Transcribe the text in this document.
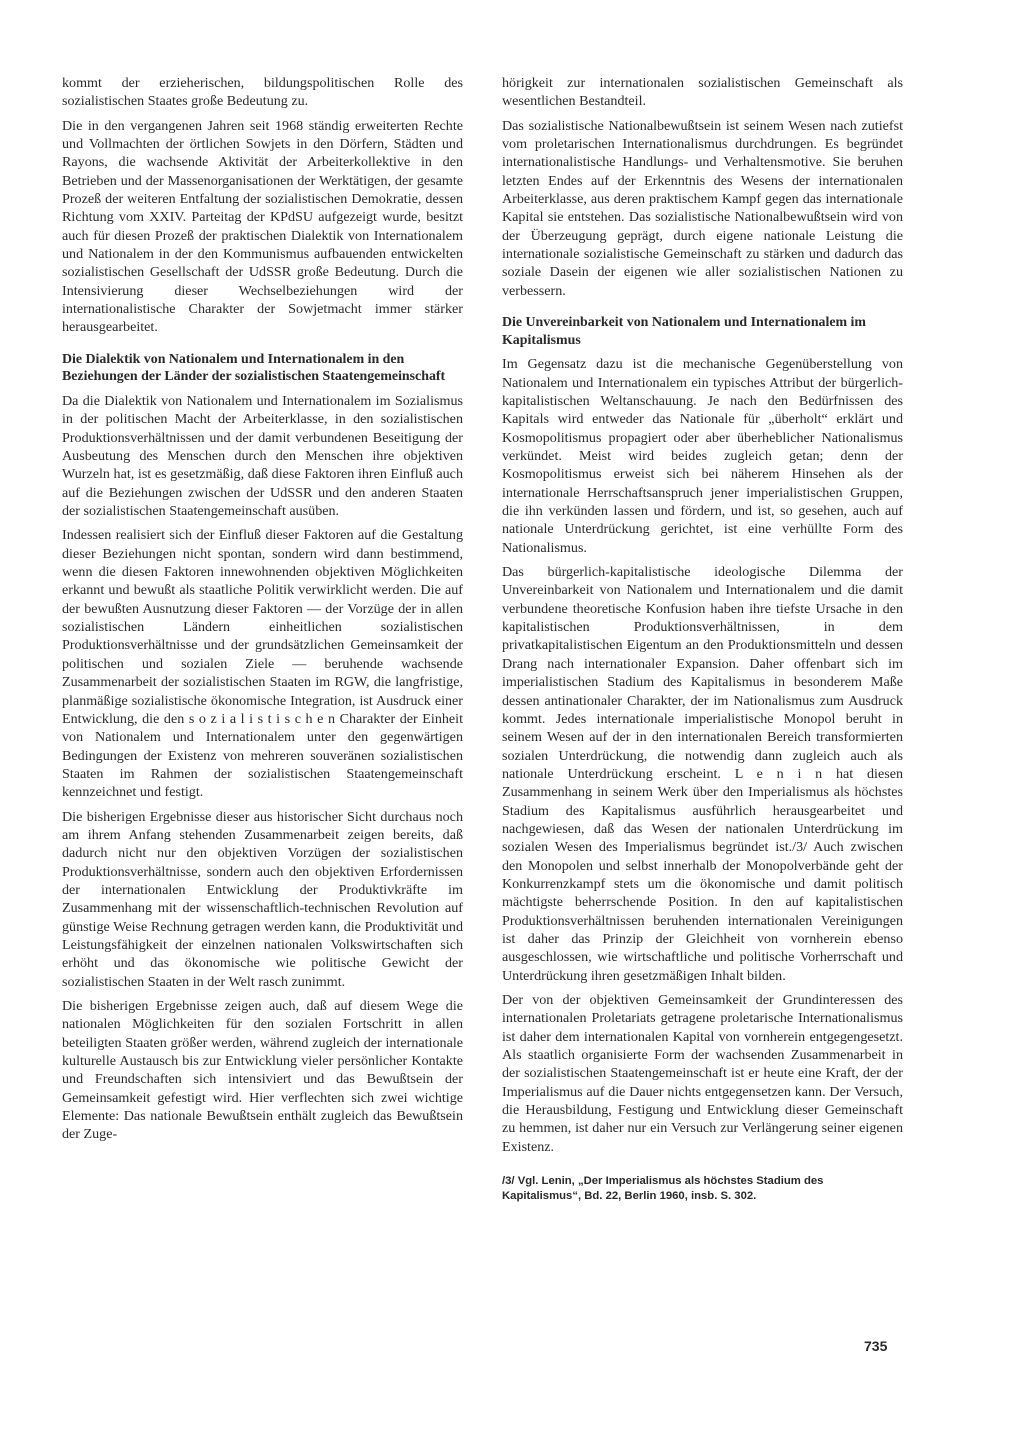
kommt der erzieherischen, bildungspolitischen Rolle des sozialistischen Staates große Bedeutung zu.

Die in den vergangenen Jahren seit 1968 ständig erweiterten Rechte und Vollmachten der örtlichen Sowjets in den Dörfern, Städten und Rayons, die wachsende Aktivität der Arbeiterkollektive in den Betrieben und der Massenorganisationen der Werktätigen, der gesamte Prozeß der weiteren Entfaltung der sozialistischen Demokratie, dessen Richtung vom XXIV. Parteitag der KPdSU aufgezeigt wurde, besitzt auch für diesen Prozeß der praktischen Dialektik von Internationalem und Nationalem in der den Kommunismus aufbauenden entwickelten sozialistischen Gesellschaft der UdSSR große Bedeutung. Durch die Intensivierung dieser Wechselbeziehungen wird der internationalistische Charakter der Sowjetmacht immer stärker herausgearbeitet.

Die Dialektik von Nationalem und Internationalem in den Beziehungen der Länder der sozialistischen Staatengemeinschaft

Da die Dialektik von Nationalem und Internationalem im Sozialismus in der politischen Macht der Arbeiterklasse, in den sozialistischen Produktionsverhältnissen und der damit verbundenen Beseitigung der Ausbeutung des Menschen durch den Menschen ihre objektiven Wurzeln hat, ist es gesetzmäßig, daß diese Faktoren ihren Einfluß auch auf die Beziehungen zwischen der UdSSR und den anderen Staaten der sozialistischen Staatengemeinschaft ausüben.

Indessen realisiert sich der Einfluß dieser Faktoren auf die Gestaltung dieser Beziehungen nicht spontan, sondern wird dann bestimmend, wenn die diesen Faktoren innewohnenden objektiven Möglichkeiten erkannt und bewußt als staatliche Politik verwirklicht werden. Die auf der bewußten Ausnutzung dieser Faktoren — der Vorzüge der in allen sozialistischen Ländern einheitlichen sozialistischen Produktionsverhältnisse und der grundsätzlichen Gemeinsamkeit der politischen und sozialen Ziele — beruhende wachsende Zusammenarbeit der sozialistischen Staaten im RGW, die langfristige, planmäßige sozialistische ökonomische Integration, ist Ausdruck einer Entwicklung, die den s o z i a l i s t i s c h e n Charakter der Einheit von Nationalem und Internationalem unter den gegenwärtigen Bedingungen der Existenz von mehreren souveränen sozialistischen Staaten im Rahmen der sozialistischen Staatengemeinschaft kennzeichnet und festigt.

Die bisherigen Ergebnisse dieser aus historischer Sicht durchaus noch am ihrem Anfang stehenden Zusammenarbeit zeigen bereits, daß dadurch nicht nur den objektiven Vorzügen der sozialistischen Produktionsverhältnisse, sondern auch den objektiven Erfordernissen der internationalen Entwicklung der Produktivkräfte im Zusammenhang mit der wissenschaftlich-technischen Revolution auf günstige Weise Rechnung getragen werden kann, die Produktivität und Leistungsfähigkeit der einzelnen nationalen Volkswirtschaften sich erhöht und das ökonomische wie politische Gewicht der sozialistischen Staaten in der Welt rasch zunimmt.

Die bisherigen Ergebnisse zeigen auch, daß auf diesem Wege die nationalen Möglichkeiten für den sozialen Fortschritt in allen beteiligten Staaten größer werden, während zugleich der internationale kulturelle Austausch bis zur Entwicklung vieler persönlicher Kontakte und Freundschaften sich intensiviert und das Bewußtsein der Gemeinsamkeit gefestigt wird. Hier verflechten sich zwei wichtige Elemente: Das nationale Bewußtsein enthält zugleich das Bewußtsein der Zuge-

hörigkeit zur internationalen sozialistischen Gemeinschaft als wesentlichen Bestandteil.

Das sozialistische Nationalbewußtsein ist seinem Wesen nach zutiefst vom proletarischen Internationalismus durchdrungen. Es begründet internationalistische Handlungs- und Verhaltensmotive. Sie beruhen letzten Endes auf der Erkenntnis des Wesens der internationalen Arbeiterklasse, aus deren praktischem Kampf gegen das internationale Kapital sie entstehen. Das sozialistische Nationalbewußtsein wird von der Überzeugung geprägt, durch eigene nationale Leistung die internationale sozialistische Gemeinschaft zu stärken und dadurch das soziale Dasein der eigenen wie aller sozialistischen Nationen zu verbessern.

Die Unvereinbarkeit von Nationalem und Internationalem im Kapitalismus

Im Gegensatz dazu ist die mechanische Gegenüberstellung von Nationalem und Internationalem ein typisches Attribut der bürgerlich-kapitalistischen Weltanschauung. Je nach den Bedürfnissen des Kapitals wird entweder das Nationale für „überholt“ erklärt und Kosmopolitismus propagiert oder aber überheblicher Nationalismus verkündet. Meist wird beides zugleich getan; denn der Kosmopolitismus erweist sich bei näherem Hinsehen als der internationale Herrschaftsanspruch jener imperialistischen Gruppen, die ihn verkünden lassen und fördern, und ist, so gesehen, auch auf nationale Unterdrückung gerichtet, ist eine verhüllte Form des Nationalismus.

Das bürgerlich-kapitalistische ideologische Dilemma der Unvereinbarkeit von Nationalem und Internationalem und die damit verbundene theoretische Konfusion haben ihre tiefste Ursache in den kapitalistischen Produktionsverhältnissen, in dem privatkapitalistischen Eigentum an den Produktionsmitteln und dessen Drang nach internationaler Expansion. Daher offenbart sich im imperialistischen Stadium des Kapitalismus in besonderem Maße dessen antinationaler Charakter, der im Nationalismus zum Ausdruck kommt. Jedes internationale imperialistische Monopol beruht in seinem Wesen auf der in den internationalen Bereich transformierten sozialen Unterdrückung, die notwendig dann zugleich auch als nationale Unterdrückung erscheint. L e n i n hat diesen Zusammenhang in seinem Werk über den Imperialismus als höchstes Stadium des Kapitalismus ausführlich herausgearbeitet und nachgewiesen, daß das Wesen der nationalen Unterdrückung im sozialen Wesen des Imperialismus begründet ist./3/ Auch zwischen den Monopolen und selbst innerhalb der Monopolverbände geht der Konkurrenzkampf stets um die ökonomische und damit politisch mächtigste beherrschende Position. In den auf kapitalistischen Produktionsverhältnissen beruhenden internationalen Vereinigungen ist daher das Prinzip der Gleichheit von vornherein ebenso ausgeschlossen, wie wirtschaftliche und politische Vorherrschaft und Unterdrückung ihren gesetzmäßigen Inhalt bilden.

Der von der objektiven Gemeinsamkeit der Grundinteressen des internationalen Proletariats getragene proletarische Internationalismus ist daher dem internationalen Kapital von vornherein entgegengesetzt. Als staatlich organisierte Form der wachsenden Zusammenarbeit in der sozialistischen Staatengemeinschaft ist er heute eine Kraft, der der Imperialismus auf die Dauer nichts entgegensetzen kann. Der Versuch, die Herausbildung, Festigung und Entwicklung dieser Gemeinschaft zu hemmen, ist daher nur ein Versuch zur Verlängerung seiner eigenen Existenz.

/3/ Vgl. Lenin, „Der Imperialismus als höchstes Stadium des Kapitalismus“, Bd. 22, Berlin 1960, insb. S. 302.
735
